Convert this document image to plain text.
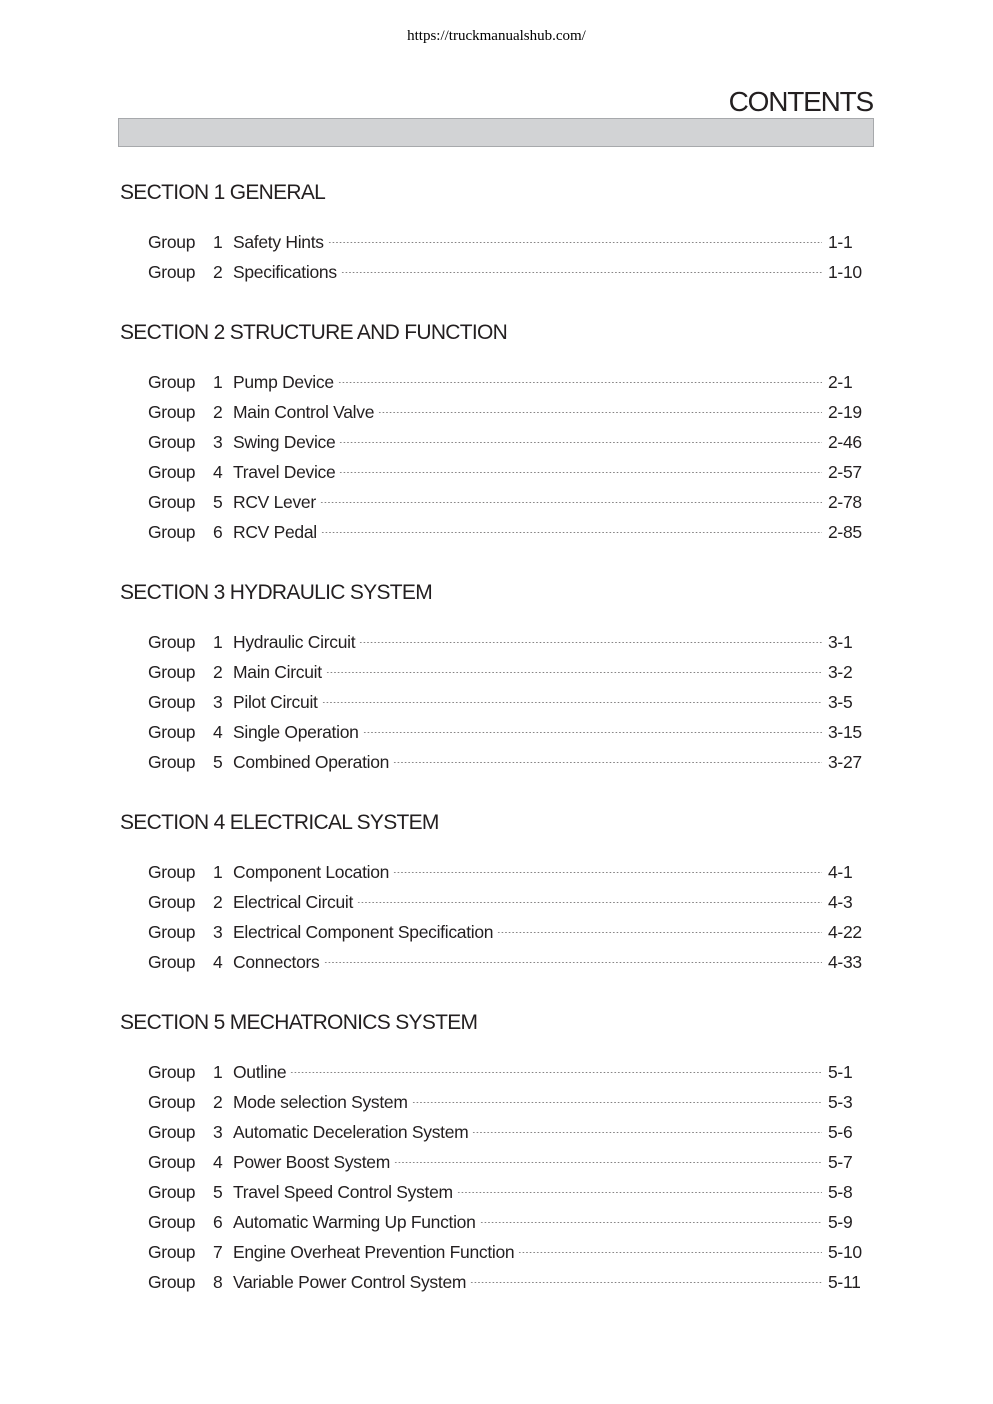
https://truckmanualshub.com/
CONTENTS
SECTION 1 GENERAL
Group	1 Safety Hints	1-1
Group	2 Specifications	1-10
SECTION 2 STRUCTURE AND FUNCTION
Group	1 Pump Device	2-1
Group	2 Main Control Valve	2-19
Group	3 Swing Device	2-46
Group	4 Travel Device	2-57
Group	5 RCV Lever	2-78
Group	6 RCV Pedal	2-85
SECTION 3 HYDRAULIC SYSTEM
Group	1 Hydraulic Circuit	3-1
Group	2 Main Circuit	3-2
Group	3 Pilot Circuit	3-5
Group	4 Single Operation	3-15
Group	5 Combined Operation	3-27
SECTION 4 ELECTRICAL SYSTEM
Group	1 Component Location	4-1
Group	2 Electrical Circuit	4-3
Group	3 Electrical Component Specification	4-22
Group	4 Connectors	4-33
SECTION 5 MECHATRONICS SYSTEM
Group	1 Outline	5-1
Group	2 Mode selection System	5-3
Group	3 Automatic Deceleration System	5-6
Group	4 Power Boost System	5-7
Group	5 Travel Speed Control System	5-8
Group	6 Automatic Warming Up Function	5-9
Group	7 Engine Overheat Prevention Function	5-10
Group	8 Variable Power Control System	5-11
